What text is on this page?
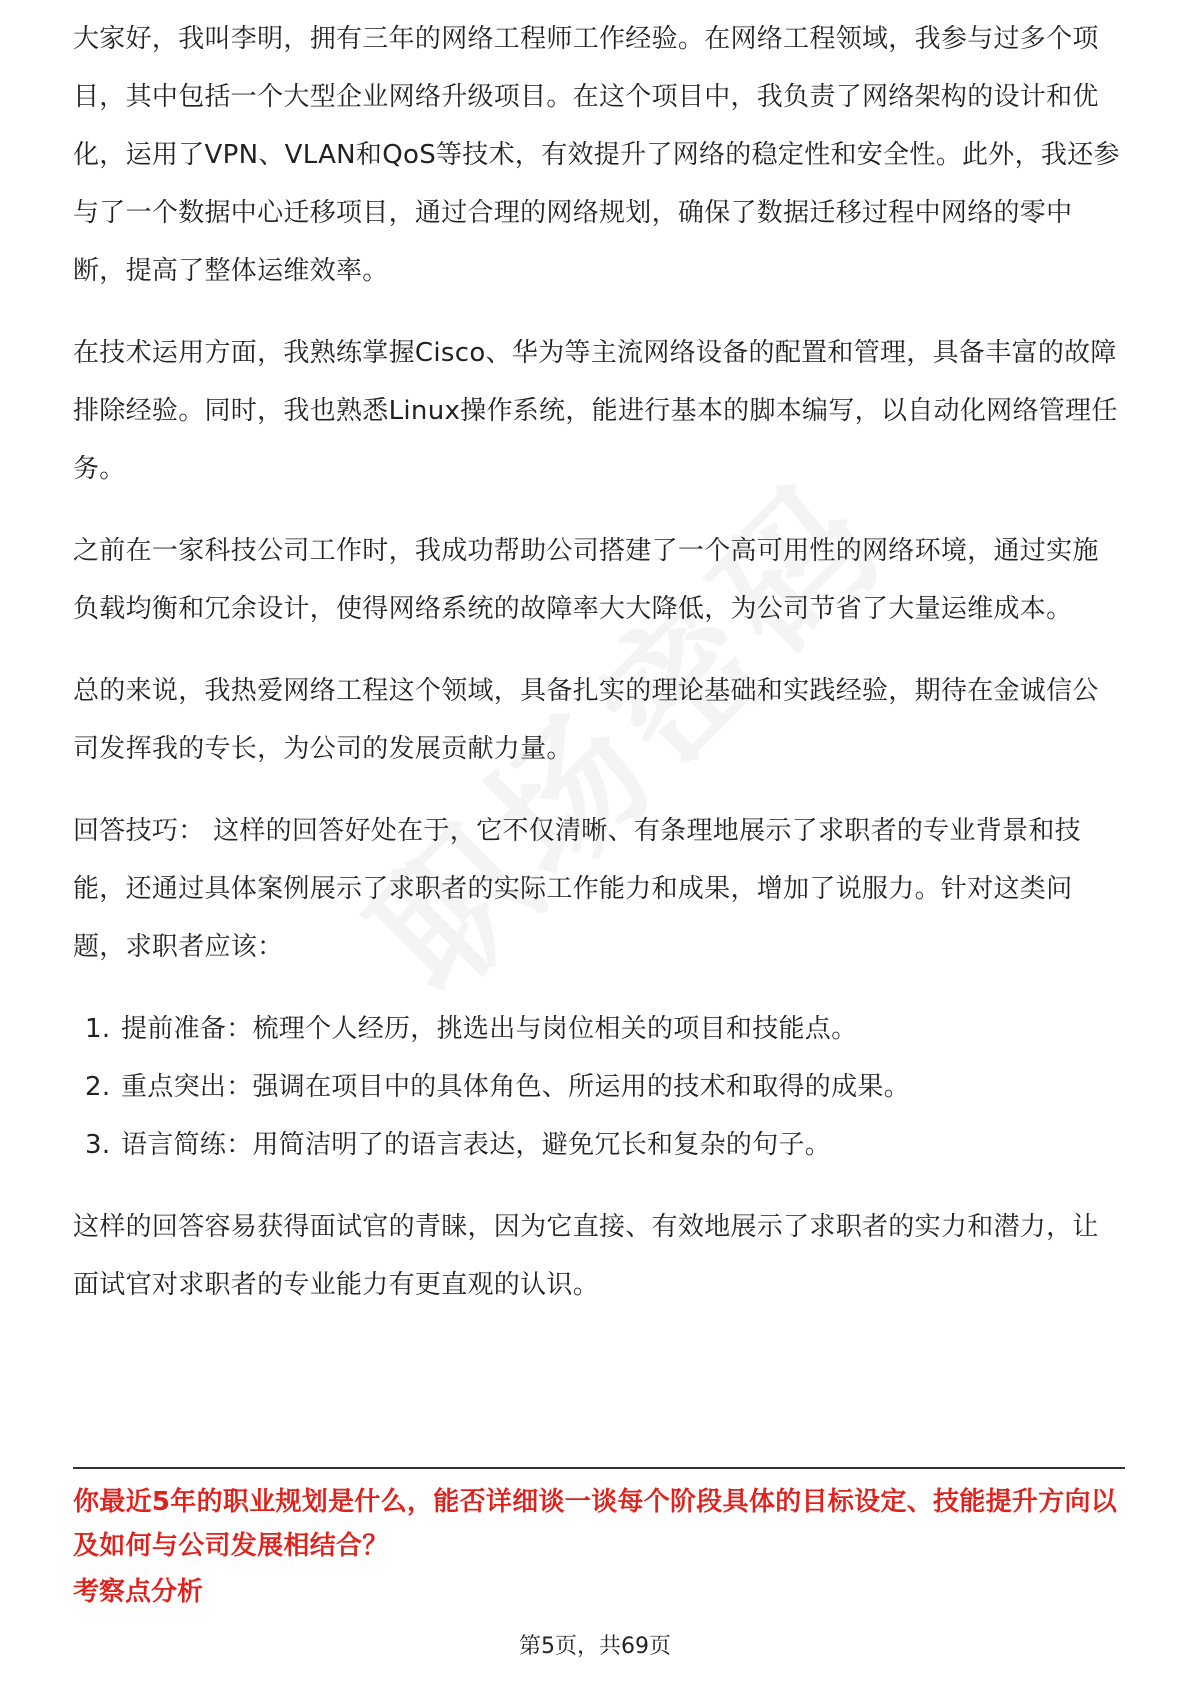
大家好，我叫李明，拥有三年的网络工程师工作经验。在网络工程领域，我参与过多个项目，其中包括一个大型企业网络升级项目。在这个项目中，我负责了网络架构的设计和优化，运用了VPN、VLAN和QoS等技术，有效提升了网络的稳定性和安全性。此外，我还参与了一个数据中心迁移项目，通过合理的网络规划，确保了数据迁移过程中网络的零中断，提高了整体运维效率。

在技术运用方面，我熟练掌握Cisco、华为等主流网络设备的配置和管理，具备丰富的故障排除经验。同时，我也熟悉Linux操作系统，能进行基本的脚本编写，以自动化网络管理任务。

之前在一家科技公司工作时，我成功帮助公司搭建了一个高可用性的网络环境，通过实施负载均衡和冗余设计，使得网络系统的故障率大大降低，为公司节省了大量运维成本。

总的来说，我热爱网络工程这个领域，具备扎实的理论基础和实践经验，期待在金诚信公司发挥我的专长，为公司的发展贡献力量。

回答技巧： 这样的回答好处在于，它不仅清晰、有条理地展示了求职者的专业背景和技能，还通过具体案例展示了求职者的实际工作能力和成果，增加了说服力。针对这类问题，求职者应该：

1. 提前准备：梳理个人经历，挑选出与岗位相关的项目和技能点。
2. 重点突出：强调在项目中的具体角色、所运用的技术和取得的成果。
3. 语言简练：用简洁明了的语言表达，避免冗长和复杂的句子。

这样的回答容易获得面试官的青睐，因为它直接、有效地展示了求职者的实力和潜力，让面试官对求职者的专业能力有更直观的认识。

你最近5年的职业规划是什么，能否详细谈一谈每个阶段具体的目标设定、技能提升方向以及如何与公司发展相结合？
考察点分析
第5页，共69页
